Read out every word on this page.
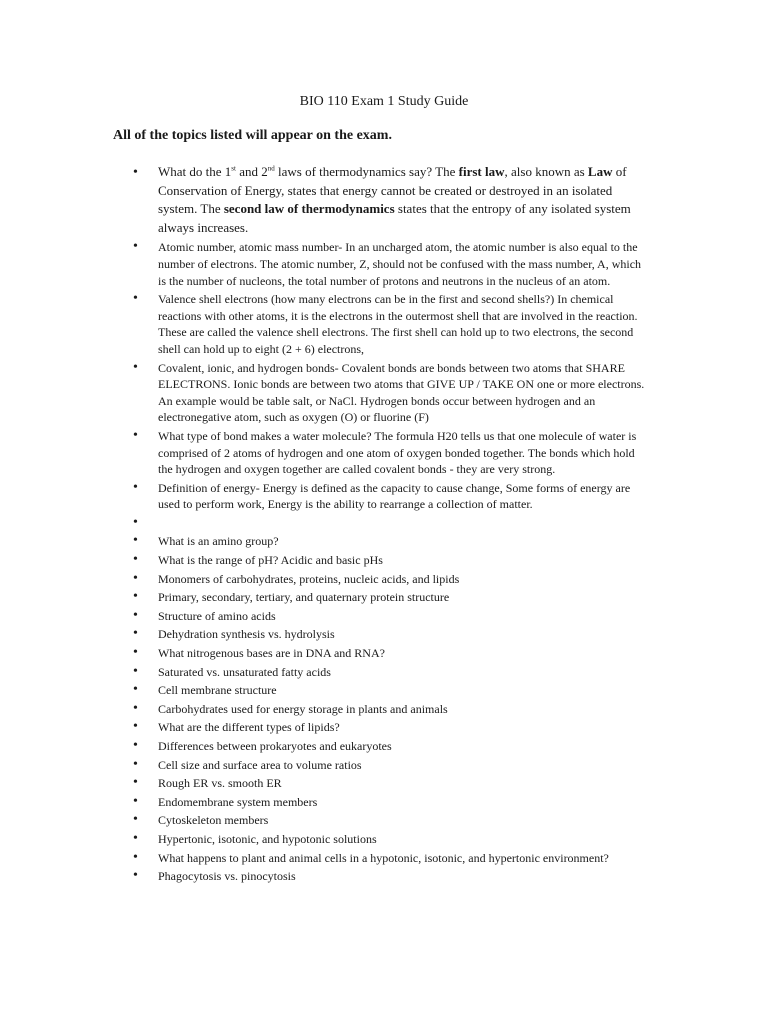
BIO 110 Exam 1 Study Guide
All of the topics listed will appear on the exam.
• What do the 1st and 2nd laws of thermodynamics say? The first law, also known as Law of Conservation of Energy, states that energy cannot be created or destroyed in an isolated system. The second law of thermodynamics states that the entropy of any isolated system always increases.
• Atomic number, atomic mass number- In an uncharged atom, the atomic number is also equal to the number of electrons. The atomic number, Z, should not be confused with the mass number, A, which is the number of nucleons, the total number of protons and neutrons in the nucleus of an atom.
• Valence shell electrons (how many electrons can be in the first and second shells?) In chemical reactions with other atoms, it is the electrons in the outermost shell that are involved in the reaction. These are called the valence shell electrons. The first shell can hold up to two electrons, the second shell can hold up to eight (2 + 6) electrons,
• Covalent, ionic, and hydrogen bonds- Covalent bonds are bonds between two atoms that SHARE ELECTRONS. Ionic bonds are between two atoms that GIVE UP / TAKE ON one or more electrons. An example would be table salt, or NaCl. Hydrogen bonds occur between hydrogen and an electronegative atom, such as oxygen (O) or fluorine (F)
• What type of bond makes a water molecule? The formula H20 tells us that one molecule of water is comprised of 2 atoms of hydrogen and one atom of oxygen bonded together. The bonds which hold the hydrogen and oxygen together are called covalent bonds - they are very strong.
• Definition of energy- Energy is defined as the capacity to cause change, Some forms of energy are used to perform work, Energy is the ability to rearrange a collection of matter.
•

• What is an amino group?
• What is the range of pH? Acidic and basic pHs
• Monomers of carbohydrates, proteins, nucleic acids, and lipids
• Primary, secondary, tertiary, and quaternary protein structure
• Structure of amino acids
• Dehydration synthesis vs. hydrolysis
• What nitrogenous bases are in DNA and RNA?
• Saturated vs. unsaturated fatty acids
• Cell membrane structure
• Carbohydrates used for energy storage in plants and animals
• What are the different types of lipids?
• Differences between prokaryotes and eukaryotes
• Cell size and surface area to volume ratios
• Rough ER vs. smooth ER
• Endomembrane system members
• Cytoskeleton members
• Hypertonic, isotonic, and hypotonic solutions
• What happens to plant and animal cells in a hypotonic, isotonic, and hypertonic environment?
• Phagocytosis vs. pinocytosis
